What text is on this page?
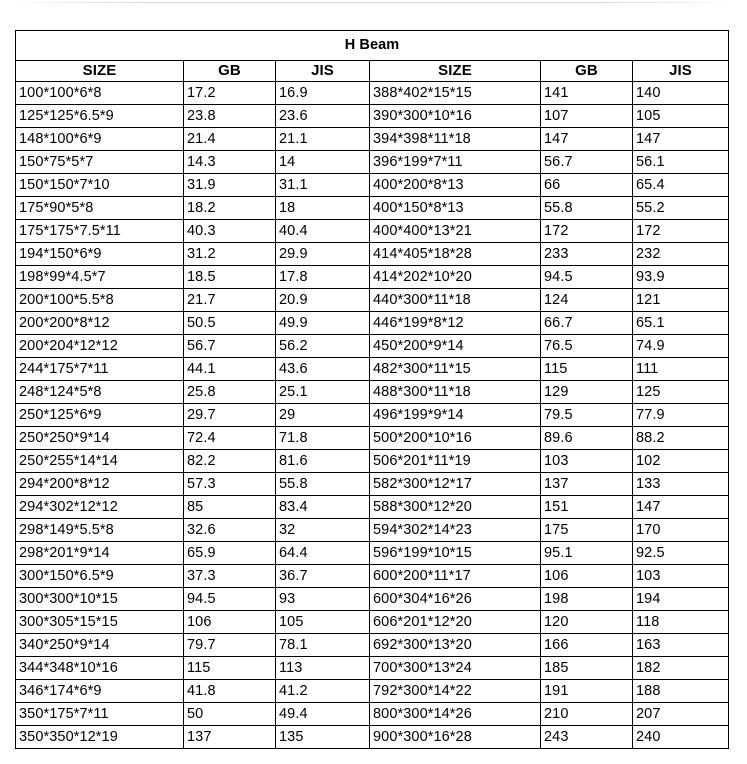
H Beam					
SIZE	GB	JIS	SIZE	GB	JIS
100*100*6*8	17.2	16.9	388*402*15*15	141	140
125*125*6.5*9	23.8	23.6	390*300*10*16	107	105
148*100*6*9	21.4	21.1	394*398*11*18	147	147
150*75*5*7	14.3	14	396*199*7*11	56.7	56.1
150*150*7*10	31.9	31.1	400*200*8*13	66	65.4
175*90*5*8	18.2	18	400*150*8*13	55.8	55.2
175*175*7.5*11	40.3	40.4	400*400*13*21	172	172
194*150*6*9	31.2	29.9	414*405*18*28	233	232
198*99*4.5*7	18.5	17.8	414*202*10*20	94.5	93.9
200*100*5.5*8	21.7	20.9	440*300*11*18	124	121
200*200*8*12	50.5	49.9	446*199*8*12	66.7	65.1
200*204*12*12	56.7	56.2	450*200*9*14	76.5	74.9
244*175*7*11	44.1	43.6	482*300*11*15	115	111
248*124*5*8	25.8	25.1	488*300*11*18	129	125
250*125*6*9	29.7	29	496*199*9*14	79.5	77.9
250*250*9*14	72.4	71.8	500*200*10*16	89.6	88.2
250*255*14*14	82.2	81.6	506*201*11*19	103	102
294*200*8*12	57.3	55.8	582*300*12*17	137	133
294*302*12*12	85	83.4	588*300*12*20	151	147
298*149*5.5*8	32.6	32	594*302*14*23	175	170
298*201*9*14	65.9	64.4	596*199*10*15	95.1	92.5
300*150*6.5*9	37.3	36.7	600*200*11*17	106	103
300*300*10*15	94.5	93	600*304*16*26	198	194
300*305*15*15	106	105	606*201*12*20	120	118
340*250*9*14	79.7	78.1	692*300*13*20	166	163
344*348*10*16	115	113	700*300*13*24	185	182
346*174*6*9	41.8	41.2	792*300*14*22	191	188
350*175*7*11	50	49.4	800*300*14*26	210	207
350*350*12*19	137	135	900*300*16*28	243	240
